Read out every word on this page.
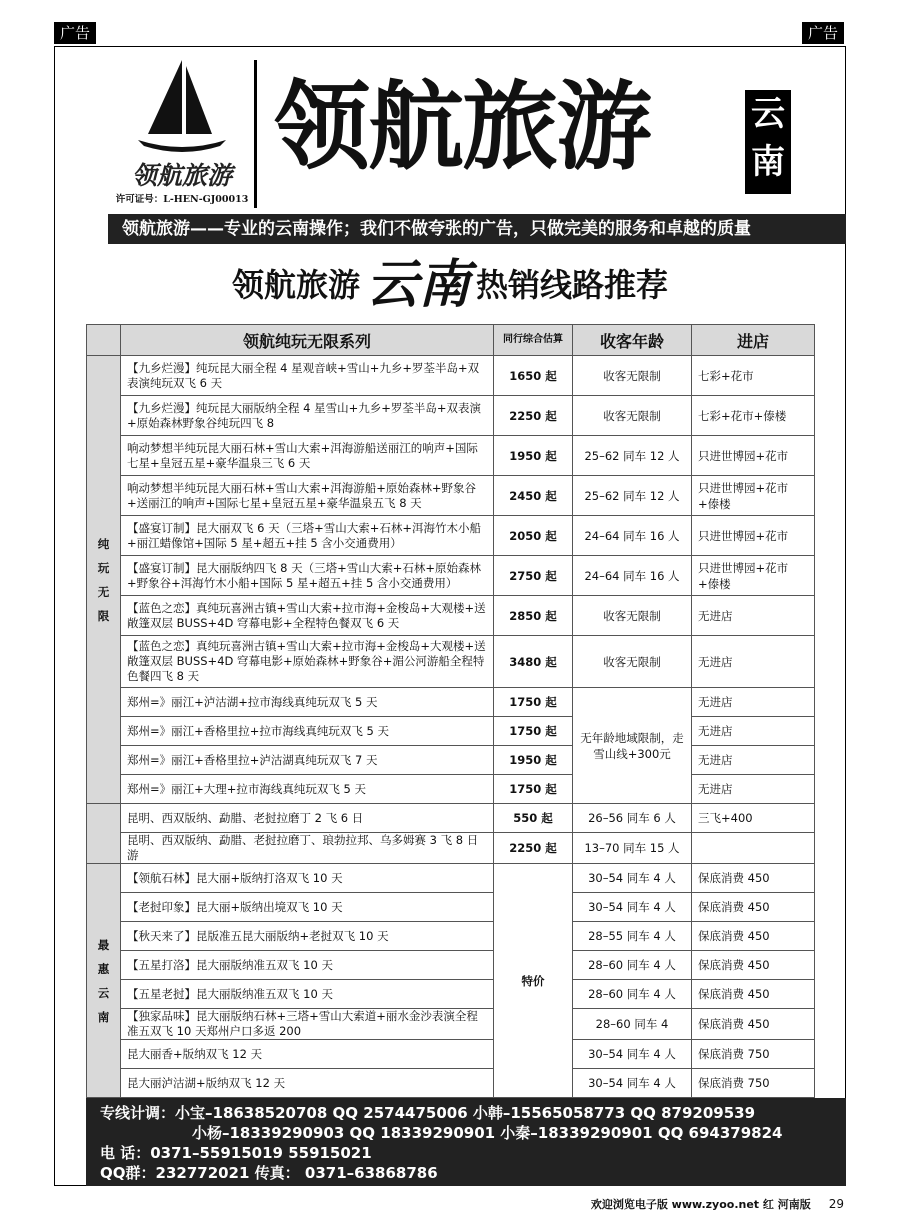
广告	广告
领航旅游
许可证号：L-HEN-GJ00013
领航旅游	云南
领航旅游——专业的云南操作；我们不做夸张的广告，只做完美的服务和卓越的质量
领航旅游 云南 热销线路推荐
	领航纯玩无限系列	同行综合估算	收客年龄	进店
纯玩无限	【九乡烂漫】纯玩昆大丽全程 4 星观音峡+雪山+九乡+罗荃半岛+双表演纯玩双飞 6 天	1650 起	收客无限制	七彩+花市
	【九乡烂漫】纯玩昆大丽版纳全程 4 星雪山+九乡+罗荃半岛+双表演+原始森林野象谷纯玩四飞 8	2250 起	收客无限制	七彩+花市+傣楼
	响动梦想半纯玩昆大丽石林+雪山大索+洱海游船送丽江的响声+国际七星+皇冠五星+豪华温泉三飞 6 天	1950 起	25–62 同车 12 人	只进世博园+花市
	响动梦想半纯玩昆大丽石林+雪山大索+洱海游船+原始森林+野象谷+送丽江的响声+国际七星+皇冠五星+豪华温泉五飞 8 天	2450 起	25–62 同车 12 人	只进世博园+花市+傣楼
	【盛宴订制】昆大丽双飞 6 天（三塔+雪山大索+石林+洱海竹木小船+丽江蜡像馆+国际 5 星+超五+挂 5 含小交通费用）	2050 起	24–64 同车 16 人	只进世博园+花市
	【盛宴订制】昆大丽版纳四飞 8 天（三塔+雪山大索+石林+原始森林+野象谷+洱海竹木小船+国际 5 星+超五+挂 5 含小交通费用）	2750 起	24–64 同车 16 人	只进世博园+花市+傣楼
	【蓝色之恋】真纯玩喜洲古镇+雪山大索+拉市海+金梭岛+大观楼+送敞篷双层 BUSS+4D 穹幕电影+全程特色餐双飞 6 天	2850 起	收客无限制	无进店
	【蓝色之恋】真纯玩喜洲古镇+雪山大索+拉市海+金梭岛+大观楼+送敞篷双层 BUSS+4D 穹幕电影+原始森林+野象谷+湄公河游船全程特色餐四飞 8 天	3480 起	收客无限制	无进店
	郑州=》丽江+泸沽湖+拉市海线真纯玩双飞 5 天	1750 起	无年龄地域限制，走雪山线+300元	无进店
	郑州=》丽江+香格里拉+拉市海线真纯玩双飞 5 天	1750 起		无进店
	郑州=》丽江+香格里拉+泸沽湖真纯玩双飞 7 天	1950 起		无进店
	郑州=》丽江+大理+拉市海线真纯玩双飞 5 天	1750 起		无进店
	昆明、西双版纳、勐腊、老挝拉磨丁 2 飞 6 日	550 起	26–56 同车 6 人	三飞+400
	昆明、西双版纳、勐腊、老挝拉磨丁、琅勃拉邦、乌多姆赛 3 飞 8 日游	2250 起	13–70 同车 15 人	
最惠云南	【领航石林】昆大丽+版纳打洛双飞 10 天	特价	30–54 同车 4 人	保底消费 450
	【老挝印象】昆大丽+版纳出境双飞 10 天		30–54 同车 4 人	保底消费 450
	【秋天来了】昆版准五昆大丽版纳+老挝双飞 10 天		28–55 同车 4 人	保底消费 450
	【五星打洛】昆大丽版纳准五双飞 10 天		28–60 同车 4 人	保底消费 450
	【五星老挝】昆大丽版纳准五双飞 10 天		28–60 同车 4 人	保底消费 450
	【独家品味】昆大丽版纳石林+三塔+雪山大索道+丽水金沙表演全程准五双飞 10 天郑州户口多返 200		28–60 同车 4	保底消费 450
	昆大丽香+版纳双飞 12 天		30–54 同车 4 人	保底消费 750
	昆大丽泸沽湖+版纳双飞 12 天		30–54 同车 4 人	保底消费 750
专线计调：小宝–18638520708 QQ 2574475006 小韩–15565058773 QQ 879209539
小杨–18339290903 QQ 18339290901 小秦–18339290901 QQ 694379824
电 话：0371–55915019 55915021
QQ群：232772021 传真： 0371–63868786
欢迎浏览电子版 www.zyoo.net 红 河南版 29
